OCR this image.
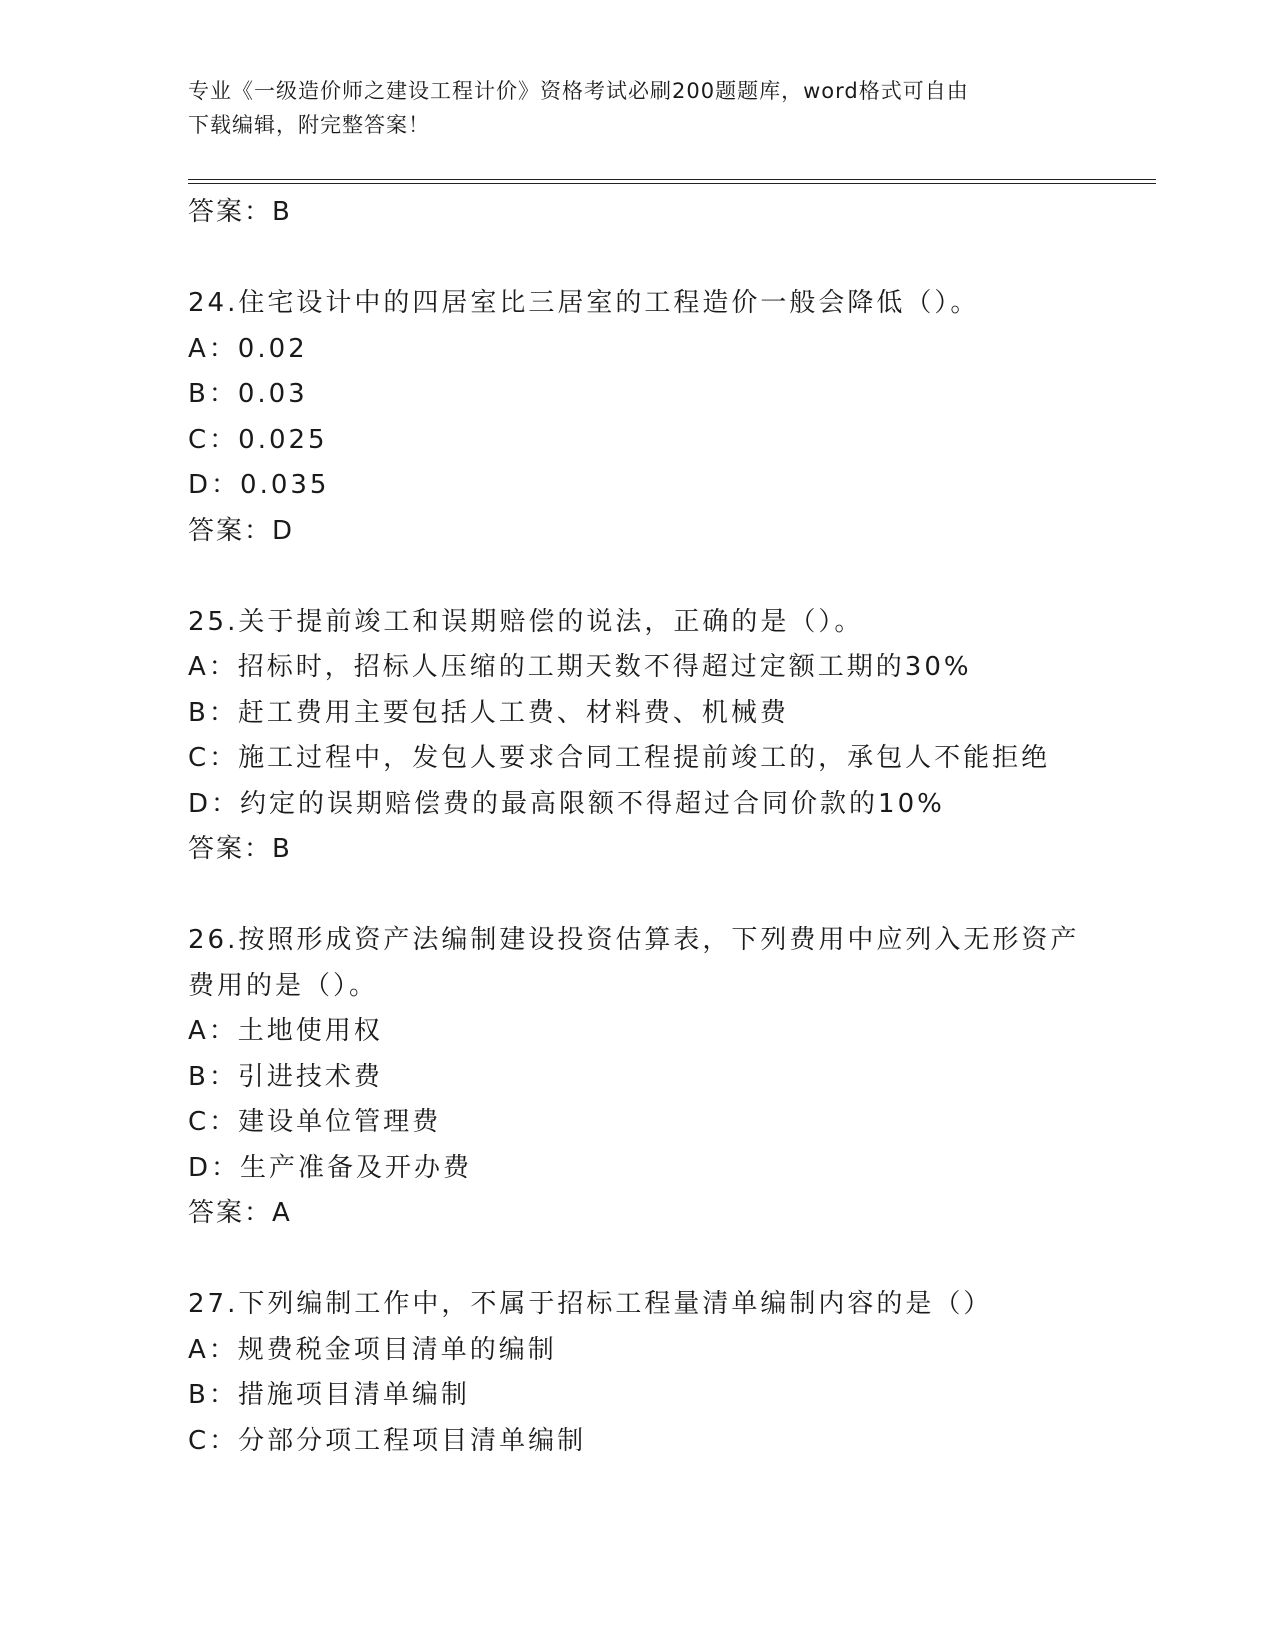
专业《一级造价师之建设工程计价》资格考试必刷200题题库，word格式可自由
下载编辑，附完整答案！
答案：B
24.住宅设计中的四居室比三居室的工程造价一般会降低（）。
A：0.02
B：0.03
C：0.025
D：0.035
答案：D
25.关于提前竣工和误期赔偿的说法，正确的是（）。
A：招标时，招标人压缩的工期天数不得超过定额工期的30%
B：赶工费用主要包括人工费、材料费、机械费
C：施工过程中，发包人要求合同工程提前竣工的，承包人不能拒绝
D：约定的误期赔偿费的最高限额不得超过合同价款的10%
答案：B
26.按照形成资产法编制建设投资估算表，下列费用中应列入无形资产
费用的是（）。
A：土地使用权
B：引进技术费
C：建设单位管理费
D：生产准备及开办费
答案：A
27.下列编制工作中，不属于招标工程量清单编制内容的是（）
A：规费税金项目清单的编制
B：措施项目清单编制
C：分部分项工程项目清单编制
